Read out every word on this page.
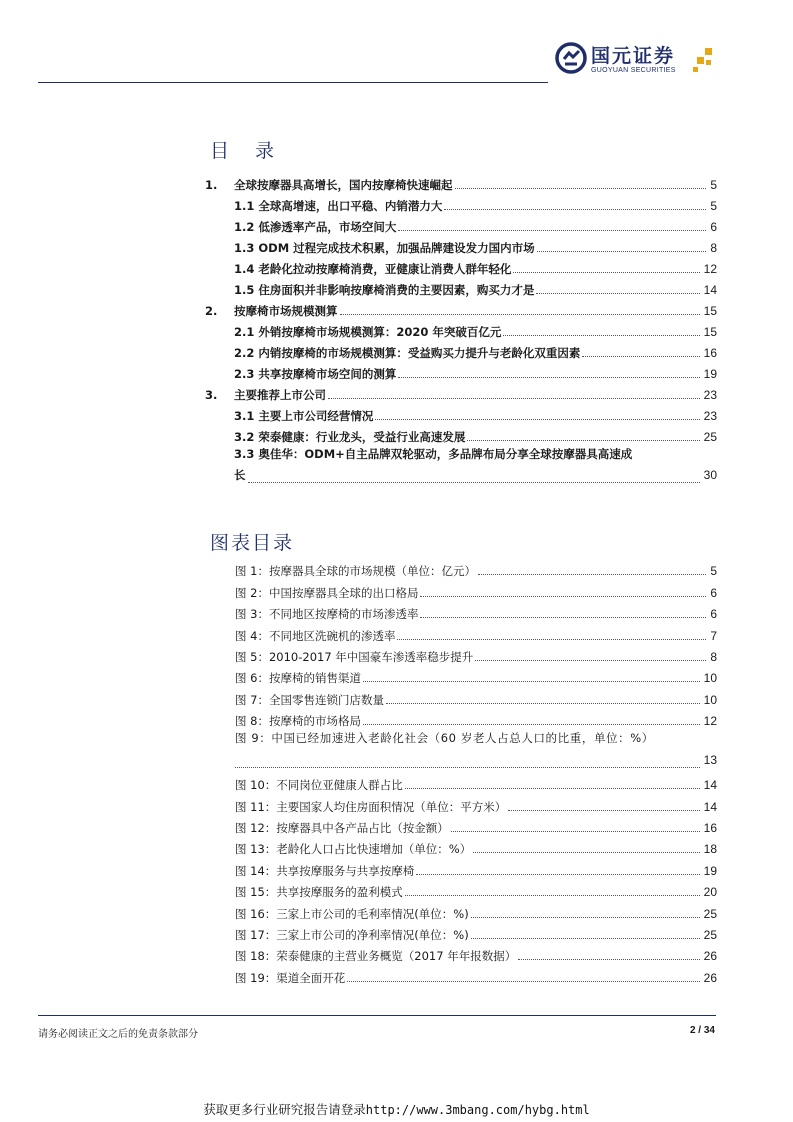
国元证券
GUOYUAN SECURITIES
目 录
1.	全球按摩器具高增长，国内按摩椅快速崛起	5
1.1 全球高增速，出口平稳、内销潜力大	5
1.2 低渗透率产品，市场空间大	6
1.3 ODM 过程完成技术积累，加强品牌建设发力国内市场	8
1.4 老龄化拉动按摩椅消费，亚健康让消费人群年轻化	12
1.5 住房面积并非影响按摩椅消费的主要因素，购买力才是	14
2.	按摩椅市场规模测算	15
2.1 外销按摩椅市场规模测算：2020 年突破百亿元	15
2.2 内销按摩椅的市场规模测算：受益购买力提升与老龄化双重因素	16
2.3 共享按摩椅市场空间的测算	19
3.	主要推荐上市公司	23
3.1 主要上市公司经营情况	23
3.2 荣泰健康：行业龙头，受益行业高速发展	25
3.3 奥佳华：ODM+自主品牌双轮驱动，多品牌布局分享全球按摩器具高速成
长	30
图表目录
图 1：按摩器具全球的市场规模（单位：亿元）	5
图 2：中国按摩器具全球的出口格局	6
图 3：不同地区按摩椅的市场渗透率	6
图 4：不同地区洗碗机的渗透率	7
图 5：2010-2017 年中国豪车渗透率稳步提升	8
图 6：按摩椅的销售渠道	10
图 7：全国零售连锁门店数量	10
图 8：按摩椅的市场格局	12
图 9：中国已经加速进入老龄化社会（60 岁老人占总人口的比重，单位：%）
13
图 10：不同岗位亚健康人群占比	14
图 11：主要国家人均住房面积情况（单位：平方米）	14
图 12：按摩器具中各产品占比（按金额）	16
图 13：老龄化人口占比快速增加（单位：%）	18
图 14：共享按摩服务与共享按摩椅	19
图 15：共享按摩服务的盈利模式	20
图 16：三家上市公司的毛利率情况(单位：%)	25
图 17：三家上市公司的净利率情况(单位：%)	25
图 18：荣泰健康的主营业务概览（2017 年年报数据）	26
图 19：渠道全面开花	26
请务必阅读正文之后的免责条款部分	2 / 34
获取更多行业研究报告请登录http://www.3mbang.com/hybg.html
